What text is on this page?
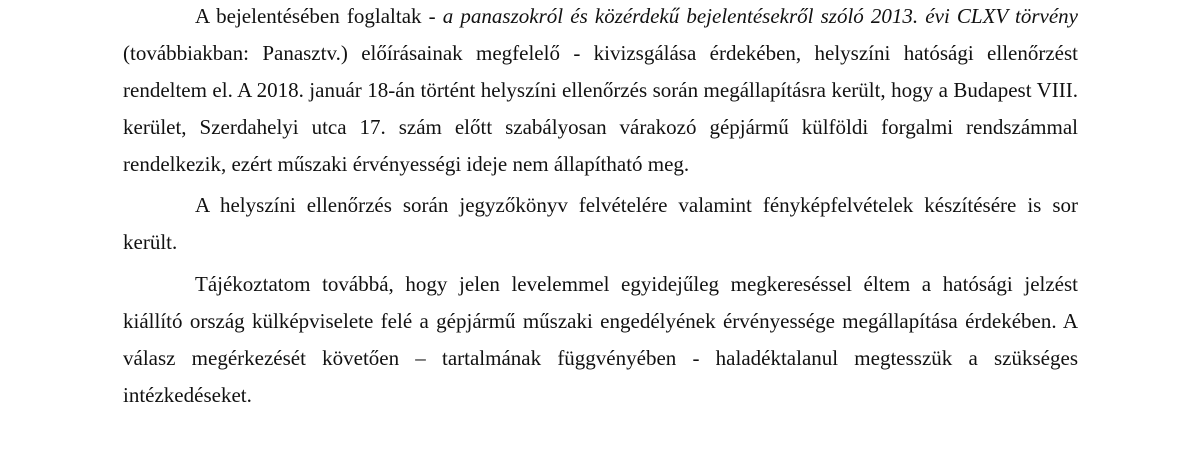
A bejelentésében foglaltak - a panaszokról és közérdekű bejelentésekről szóló 2013. évi CLXV törvény (továbbiakban: Panasztv.) előírásainak megfelelő - kivizsgálása érdekében, helyszíni hatósági ellenőrzést rendeltem el. A 2018. január 18-án történt helyszíni ellenőrzés során megállapításra került, hogy a Budapest VIII. kerület, Szerdahelyi utca 17. szám előtt szabályosan várakozó gépjármű külföldi forgalmi rendszámmal rendelkezik, ezért műszaki érvényességi ideje nem állapítható meg.

A helyszíni ellenőrzés során jegyzőkönyv felvételére valamint fényképfelvételek készítésére is sor került.

Tájékoztatom továbbá, hogy jelen levelemmel egyidejűleg megkereséssel éltem a hatósági jelzést kiállító ország külképviselete felé a gépjármű műszaki engedélyének érvényessége megállapítása érdekében. A válasz megérkezését követően – tartalmának függvényében - haladéktalanul megtesszük a szükséges intézkedéseket.
